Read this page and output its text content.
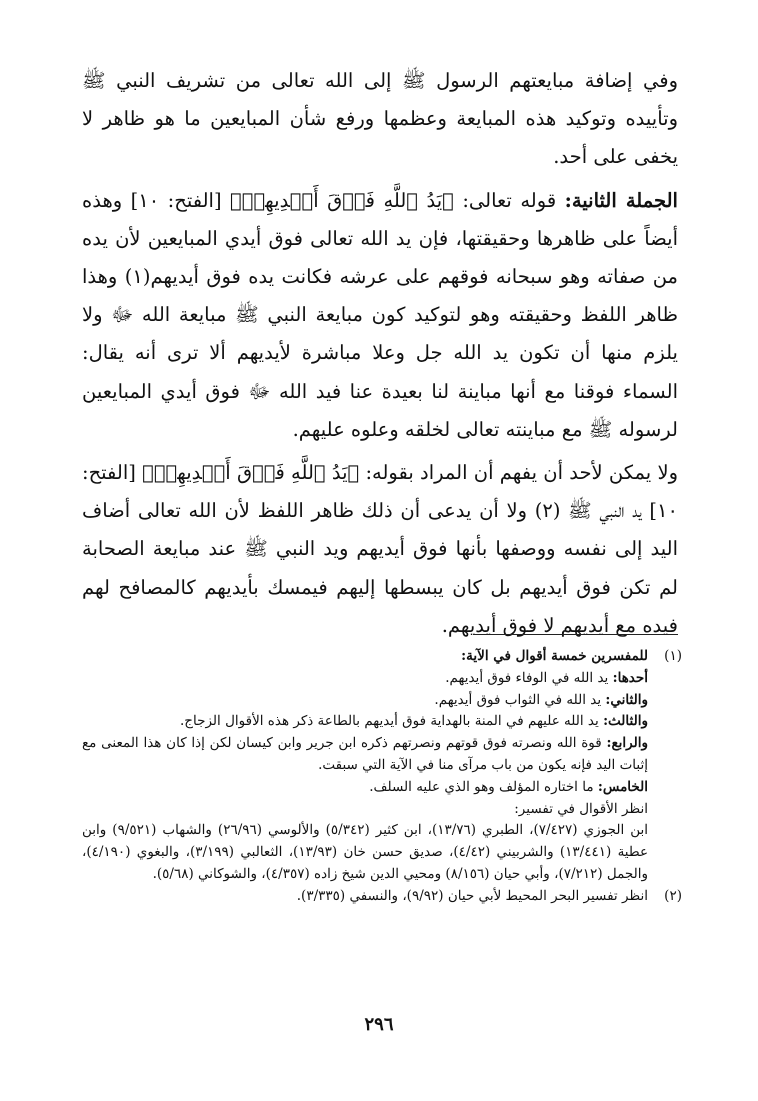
وفي إضافة مبايعتهم الرسول ﷺ إلى الله تعالى من تشريف النبي ﷺ وتأييده وتوكيد هذه المبايعة وعظمها ورفع شأن المبايعين ما هو ظاهر لا يخفى على أحد.

الجملة الثانية: قوله تعالى: ﴿يَدُ ٱللَّهِ فَوۡقَ أَيۡدِيهِمۡ﴾ [الفتح: ١٠] وهذه أيضاً على ظاهرها وحقيقتها، فإن يد الله تعالى فوق أيدي المبايعين لأن يده من صفاته وهو سبحانه فوقهم على عرشه فكانت يده فوق أيديهم(١) وهذا ظاهر اللفظ وحقيقته وهو لتوكيد كون مبايعة النبي ﷺ مبايعة الله ﷻ ولا يلزم منها أن تكون يد الله جل وعلا مباشرة لأيديهم ألا ترى أنه يقال: السماء فوقنا مع أنها مباينة لنا بعيدة عنا فيد الله ﷻ فوق أيدي المبايعين لرسوله ﷺ مع مباينته تعالى لخلقه وعلوه عليهم.

ولا يمكن لأحد أن يفهم أن المراد بقوله: ﴿يَدُ ٱللَّهِ فَوۡقَ أَيۡدِيهِمۡ﴾ [الفتح: ١٠] يد النبي ﷺ (٢) ولا أن يدعى أن ذلك ظاهر اللفظ لأن الله تعالى أضاف اليد إلى نفسه ووصفها بأنها فوق أيديهم ويد النبي ﷺ عند مبايعة الصحابة لم تكن فوق أيديهم بل كان يبسطها إليهم فيمسك بأيديهم كالمصافح لهم فيده مع أيديهم لا فوق أيديهم.

(١)
للمفسرين خمسة أقوال في الآية:
أحدها: يد الله في الوفاء فوق أيديهم.
والثاني: يد الله في الثواب فوق أيديهم.
والثالث: يد الله عليهم في المنة بالهداية فوق أيديهم بالطاعة ذكر هذه الأقوال الزجاج.
والرابع: قوة الله ونصرته فوق قوتهم ونصرتهم ذكره ابن جرير وابن كيسان لكن إذا كان هذا المعنى مع إثبات اليد فإنه يكون من باب مرآى منا في الآية التي سبقت.
الخامس: ما اختاره المؤلف وهو الذي عليه السلف.
انظر الأقوال في تفسير:
ابن الجوزي (٧/٤٢٧)، الطبري (١٣/٧٦)، ابن كثير (٥/٣٤٢) والألوسي (٢٦/٩٦) والشهاب (٩/٥٢١) وابن عطية (١٣/٤٤١) والشربيني (٤/٤٢)، صديق حسن خان (١٣/٩٣)، الثعالبي (٣/١٩٩)، والبغوي (٤/١٩٠)، والجمل (٧/٢١٢)، وأبي حيان (٨/١٥٦) ومحيي الدين شيخ زاده (٤/٣٥٧)، والشوكاني (٥/٦٨).
(٢)
انظر تفسير البحر المحيط لأبي حيان (٩/٩٢)، والنسفي (٣/٣٣٥).
٢٩٦
